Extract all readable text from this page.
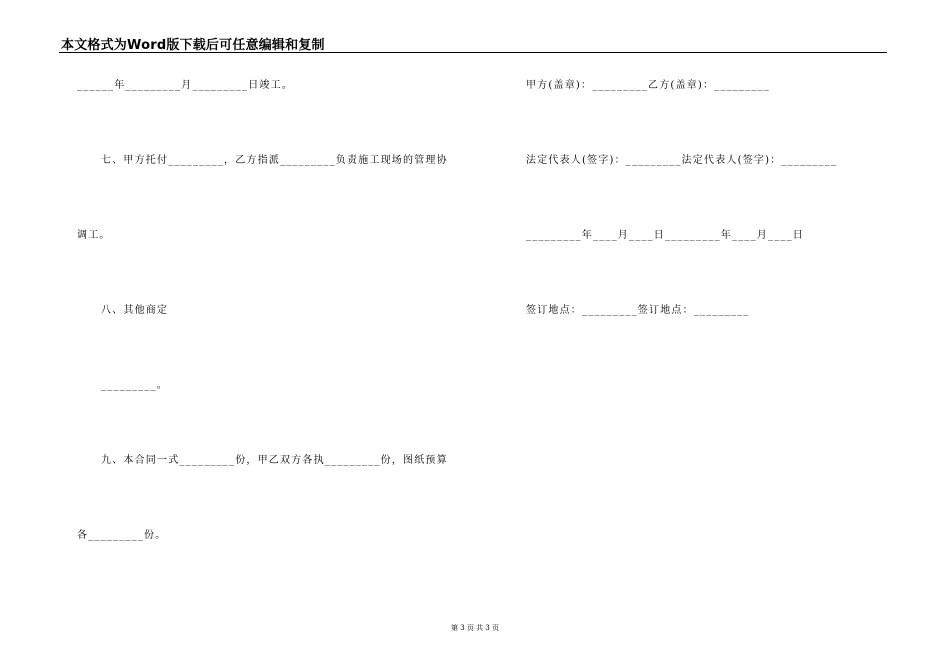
本文格式为Word版下载后可任意编辑和复制
______年_________月_________日竣工。
七、甲方托付_________，乙方指派_________负责施工现场的管理协
调工。
八、其他商定
_________。
九、本合同一式_________份，甲乙双方各执_________份，图纸预算
各_________份。
甲方(盖章)：_________乙方(盖章)：_________
法定代表人(签字)：_________法定代表人(签字)：_________
_________年____月____日_________年____月____日
签订地点：_________签订地点：_________
第 3 页 共 3 页
